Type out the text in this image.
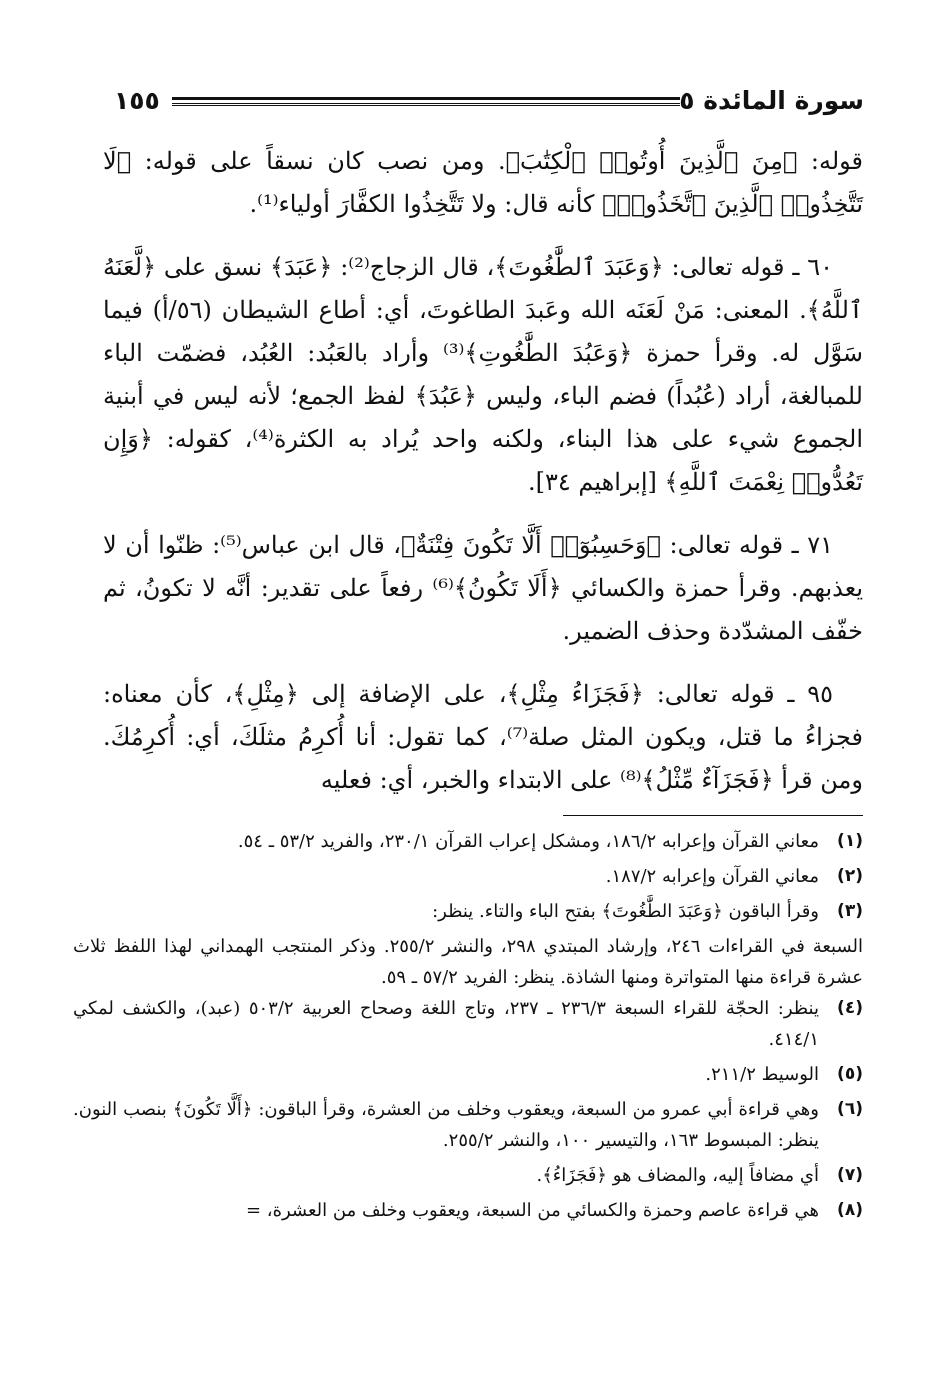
سورة المائدة ٥
١٥٥

قوله: ﴿مِنَ ٱلَّذِينَ أُوتُوا۟ ٱلْكِتَٰبَ﴾. ومن نصب كان نسقاً على قوله: ﴿لَا تَتَّخِذُوا۟ ٱلَّذِينَ ٱتَّخَذُوا۟﴾ كأنه قال: ولا تَتَّخِذُوا الكفَّارَ أولياء⁽¹⁾.

٦٠ ـ قوله تعالى: ﴿وَعَبَدَ ٱلطَّٰغُوتَ﴾، قال الزجاج⁽²⁾: ﴿عَبَدَ﴾ نسق على ﴿لَّعَنَهُ ٱللَّهُ﴾. المعنى: مَنْ لَعَنَه الله وعَبدَ الطاغوتَ، أي: أطاع الشيطان (٥٦/أ) فيما سَوَّل له. وقرأ حمزة ﴿وَعَبُدَ الطَّٰغُوتِ﴾⁽³⁾ وأراد بالعَبُد: العُبُد، فضمّت الباء للمبالغة، أراد (عُبُداً) فضم الباء، وليس ﴿عَبُدَ﴾ لفظ الجمع؛ لأنه ليس في أبنية الجموع شيء على هذا البناء، ولكنه واحد يُراد به الكثرة⁽⁴⁾، كقوله: ﴿وَإِن تَعُدُّوا۟ نِعْمَتَ ٱللَّهِ﴾ [إبراهيم ٣٤].

٧١ ـ قوله تعالى: ﴿وَحَسِبُوٓا۟ أَلَّا تَكُونَ فِتْنَةٌ﴾، قال ابن عباس⁽⁵⁾: ظنّوا أن لا يعذبهم. وقرأ حمزة والكسائي ﴿أَلَا تَكُونُ﴾⁽⁶⁾ رفعاً على تقدير: أنَّه لا تكونُ، ثم خفّف المشدّدة وحذف الضمير.

٩٥ ـ قوله تعالى: ﴿فَجَزَاءُ مِثْلِ﴾، على الإضافة إلى ﴿مِثْلِ﴾، كأن معناه: فجزاءُ ما قتل، ويكون المثل صلة⁽⁷⁾، كما تقول: أنا أُكرِمُ مثلَكَ، أي: أُكرِمُكَ. ومن قرأ ﴿فَجَزَآءٌ مِّثْلُ﴾⁽⁸⁾ على الابتداء والخبر، أي: فعليه

(١)
معاني القرآن وإعرابه ١٨٦/٢، ومشكل إعراب القرآن ٢٣٠/١، والفريد ٥٣/٢ ـ ٥٤.
(٢)
معاني القرآن وإعرابه ١٨٧/٢.
(٣)
وقرأ الباقون ﴿وَعَبَدَ الطَّٰغُوتَ﴾ بفتح الباء والتاء. ينظر:
السبعة في القراءات ٢٤٦، وإرشاد المبتدي ٢٩٨، والنشر ٢٥٥/٢. وذكر المنتجب الهمداني لهذا اللفظ ثلاث عشرة قراءة منها المتواترة ومنها الشاذة. ينظر: الفريد ٥٧/٢ ـ ٥٩.
(٤)
ينظر: الحجّة للقراء السبعة ٢٣٦/٣ ـ ٢٣٧، وتاج اللغة وصحاح العربية ٥٠٣/٢ (عبد)، والكشف لمكي ٤١٤/١.
(٥)
الوسيط ٢١١/٢.
(٦)
وهي قراءة أبي عمرو من السبعة، ويعقوب وخلف من العشرة، وقرأ الباقون: ﴿أَلَّا تَكُونَ﴾ بنصب النون. ينظر: المبسوط ١٦٣، والتيسير ١٠٠، والنشر ٢٥٥/٢.
(٧)
أي مضافاً إليه، والمضاف هو ﴿فَجَزَاءُ﴾.
(٨)
هي قراءة عاصم وحمزة والكسائي من السبعة، ويعقوب وخلف من العشرة، =
